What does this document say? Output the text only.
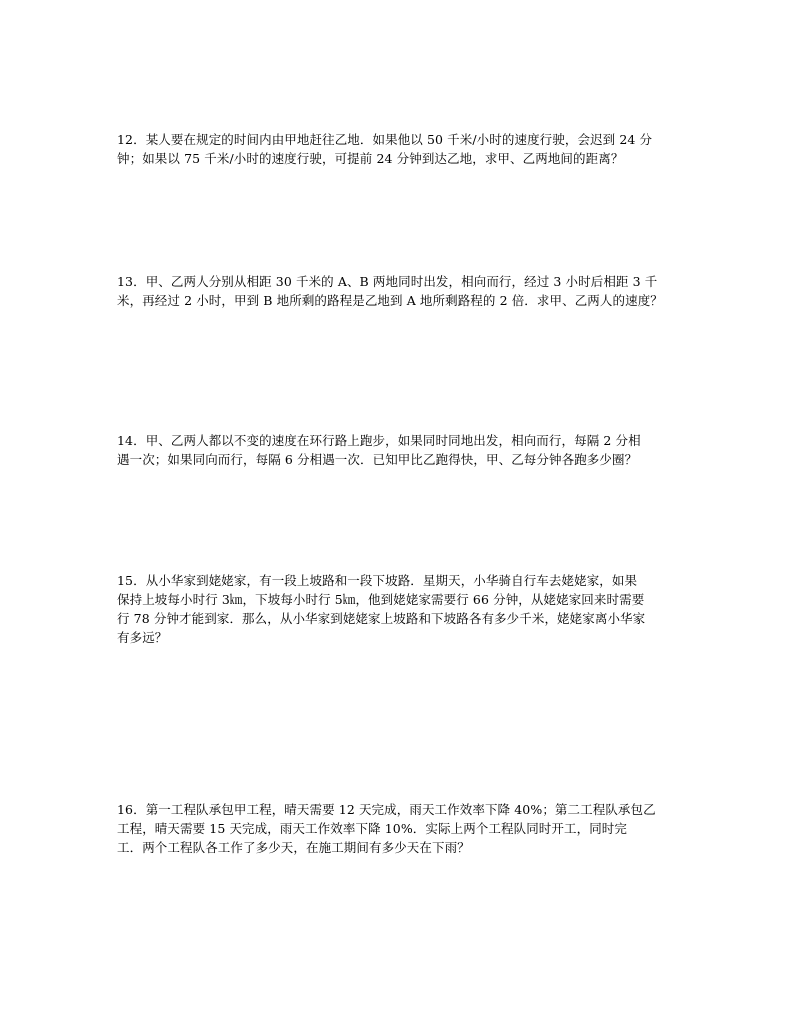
12．某人要在规定的时间内由甲地赶往乙地．如果他以 50 千米/小时的速度行驶，会迟到 24 分
钟；如果以 75 千米/小时的速度行驶，可提前 24 分钟到达乙地，求甲、乙两地间的距离？
13．甲、乙两人分别从相距 30 千米的 A、B 两地同时出发，相向而行，经过 3 小时后相距 3 千
米，再经过 2 小时，甲到 B 地所剩的路程是乙地到 A 地所剩路程的 2 倍．求甲、乙两人的速度？
14．甲、乙两人都以不变的速度在环行路上跑步，如果同时同地出发，相向而行，每隔 2 分相
遇一次；如果同向而行，每隔 6 分相遇一次．已知甲比乙跑得快，甲、乙每分钟各跑多少圈？
15．从小华家到姥姥家，有一段上坡路和一段下坡路．星期天，小华骑自行车去姥姥家，如果
保持上坡每小时行 3㎞，下坡每小时行 5㎞，他到姥姥家需要行 66 分钟，从姥姥家回来时需要
行 78 分钟才能到家．那么，从小华家到姥姥家上坡路和下坡路各有多少千米，姥姥家离小华家
有多远？
16．第一工程队承包甲工程，晴天需要 12 天完成，雨天工作效率下降 40%；第二工程队承包乙
工程，晴天需要 15 天完成，雨天工作效率下降 10%．实际上两个工程队同时开工，同时完
工．两个工程队各工作了多少天，在施工期间有多少天在下雨？
